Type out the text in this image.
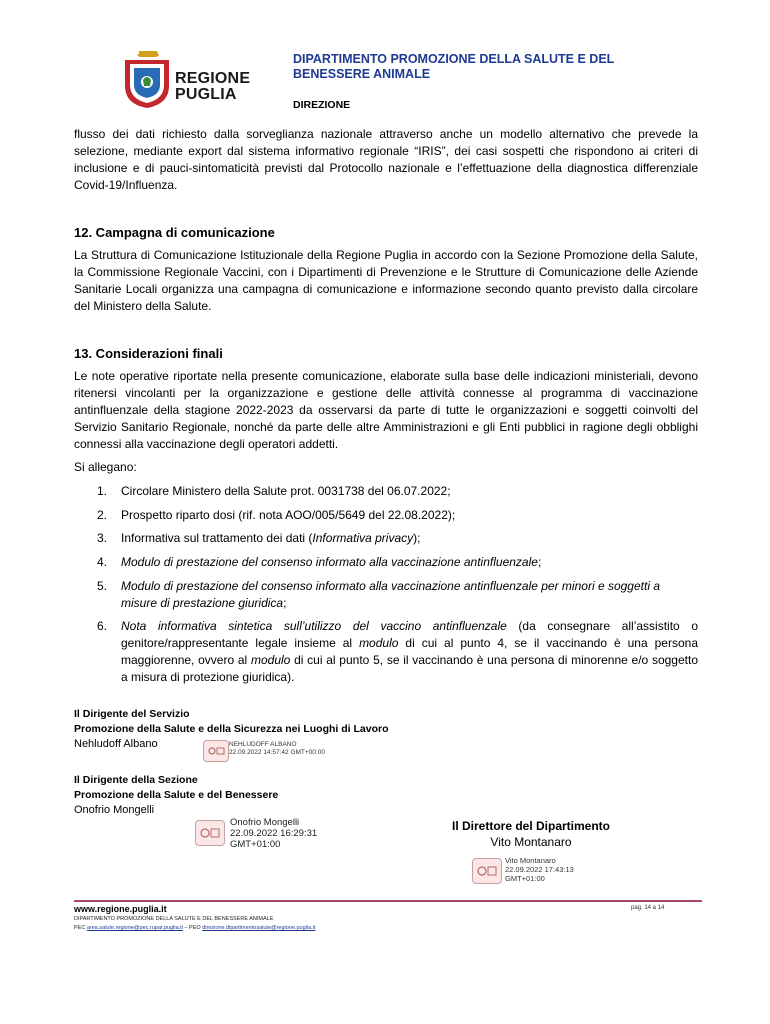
REGIONE
PUGLIA
DIPARTIMENTO PROMOZIONE DELLA SALUTE E DEL BENESSERE ANIMALE
DIREZIONE
flusso dei dati richiesto dalla sorveglianza nazionale attraverso anche un modello alternativo che prevede la selezione, mediante export dal sistema informativo regionale “IRIS”, dei casi sospetti che rispondono ai criteri di inclusione e di pauci-sintomaticità previsti dal Protocollo nazionale e l’effettuazione della diagnostica differenziale Covid-19/Influenza.
12. Campagna di comunicazione
La Struttura di Comunicazione Istituzionale della Regione Puglia in accordo con la Sezione Promozione della Salute, la Commissione Regionale Vaccini, con i Dipartimenti di Prevenzione e le Strutture di Comunicazione delle Aziende Sanitarie Locali organizza una campagna di comunicazione e informazione secondo quanto previsto dalla circolare del Ministero della Salute.
13. Considerazioni finali
Le note operative riportate nella presente comunicazione, elaborate sulla base delle indicazioni ministeriali, devono ritenersi vincolanti per la organizzazione e gestione delle attività connesse al programma di vaccinazione antinfluenzale della stagione 2022-2023 da osservarsi da parte di tutte le organizzazioni e soggetti coinvolti del Servizio Sanitario Regionale, nonché da parte delle altre Amministrazioni e gli Enti pubblici in ragione degli obblighi connessi alla vaccinazione degli operatori addetti.
Si allegano:
1. Circolare Ministero della Salute prot. 0031738 del 06.07.2022;
2. Prospetto riparto dosi (rif. nota AOO/005/5649 del 22.08.2022);
3. Informativa sul trattamento dei dati (Informativa privacy);
4. Modulo di prestazione del consenso informato alla vaccinazione antinfluenzale;
5. Modulo di prestazione del consenso informato alla vaccinazione antinfluenzale per minori e soggetti a misure di prestazione giuridica;
6. Nota informativa sintetica sull’utilizzo del vaccino antinfluenzale (da consegnare all’assistito o genitore/rappresentante legale insieme al modulo di cui al punto 4, se il vaccinando è una persona maggiorenne, ovvero al modulo di cui al punto 5, se il vaccinando è una persona di minorenne e/o soggetto a misura di protezione giuridica).
Il Dirigente del Servizio
Promozione della Salute e della Sicurezza nei Luoghi di Lavoro
Nehludoff Albano	NEHLUDOFF ALBANO
22.09.2022 14:57:42 GMT+00:00
Il Dirigente della Sezione
Promozione della Salute e del Benessere
Onofrio Mongelli
Onofrio Mongelli
22.09.2022 16:29:31
GMT+01:00
Il Direttore del Dipartimento
Vito Montanaro
Vito Montanaro
22.09.2022 17:43:13
GMT+01:00
www.regione.puglia.it	pag. 14 a 14
DIPARTIMENTO PROMOZIONE DELLA SALUTE E DEL BENESSERE ANIMALE
PEC area.salute.regione@pec.rupar.puglia.it – PEO direzione.dipartimentosalute@regione.puglia.it
